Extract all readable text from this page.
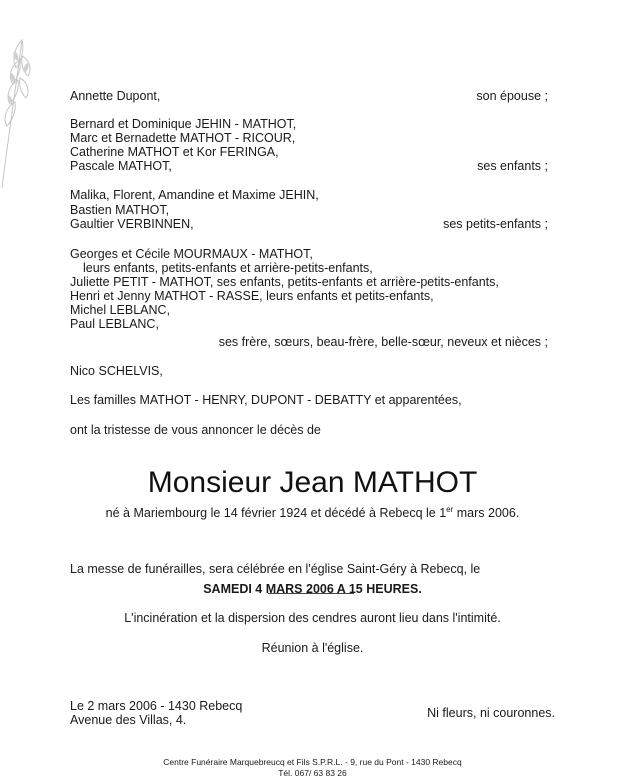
Annette Dupont,	son épouse ;
Bernard et Dominique JEHIN - MATHOT,
Marc et Bernadette MATHOT - RICOUR,
Catherine MATHOT et Kor FERINGA,
Pascale MATHOT,	ses enfants ;
Malika, Florent, Amandine et Maxime JEHIN,
Bastien MATHOT,
Gaultier VERBINNEN,	ses petits-enfants ;
Georges et Cécile MOURMAUX - MATHOT,
leurs enfants, petits-enfants et arrière-petits-enfants,
Juliette PETIT - MATHOT, ses enfants, petits-enfants et arrière-petits-enfants,
Henri et Jenny MATHOT - RASSE, leurs enfants et petits-enfants,
Michel LEBLANC,
Paul LEBLANC,
ses frère, sœurs, beau-frère, belle-sœur, neveux et nièces ;
Nico SCHELVIS,
Les familles MATHOT - HENRY, DUPONT - DEBATTY et apparentées,
ont la tristesse de vous annoncer le décès de
Monsieur Jean MATHOT
né à Mariembourg le 14 février 1924 et décédé à Rebecq le 1er mars 2006.
La messe de funérailles, sera célébrée en l'église Saint-Géry à Rebecq, le
SAMEDI 4 MARS 2006 A 15 HEURES.
L'incinération et la dispersion des cendres auront lieu dans l'intimité.
Réunion à l'église.
Le 2 mars 2006 - 1430 Rebecq
Avenue des Villas, 4.	Ni fleurs, ni couronnes.
Centre Funéraire Marquebreucq et Fils S.P.R.L. - 9, rue du Pont - 1430 Rebecq
Tél. 067/ 63 83 26
